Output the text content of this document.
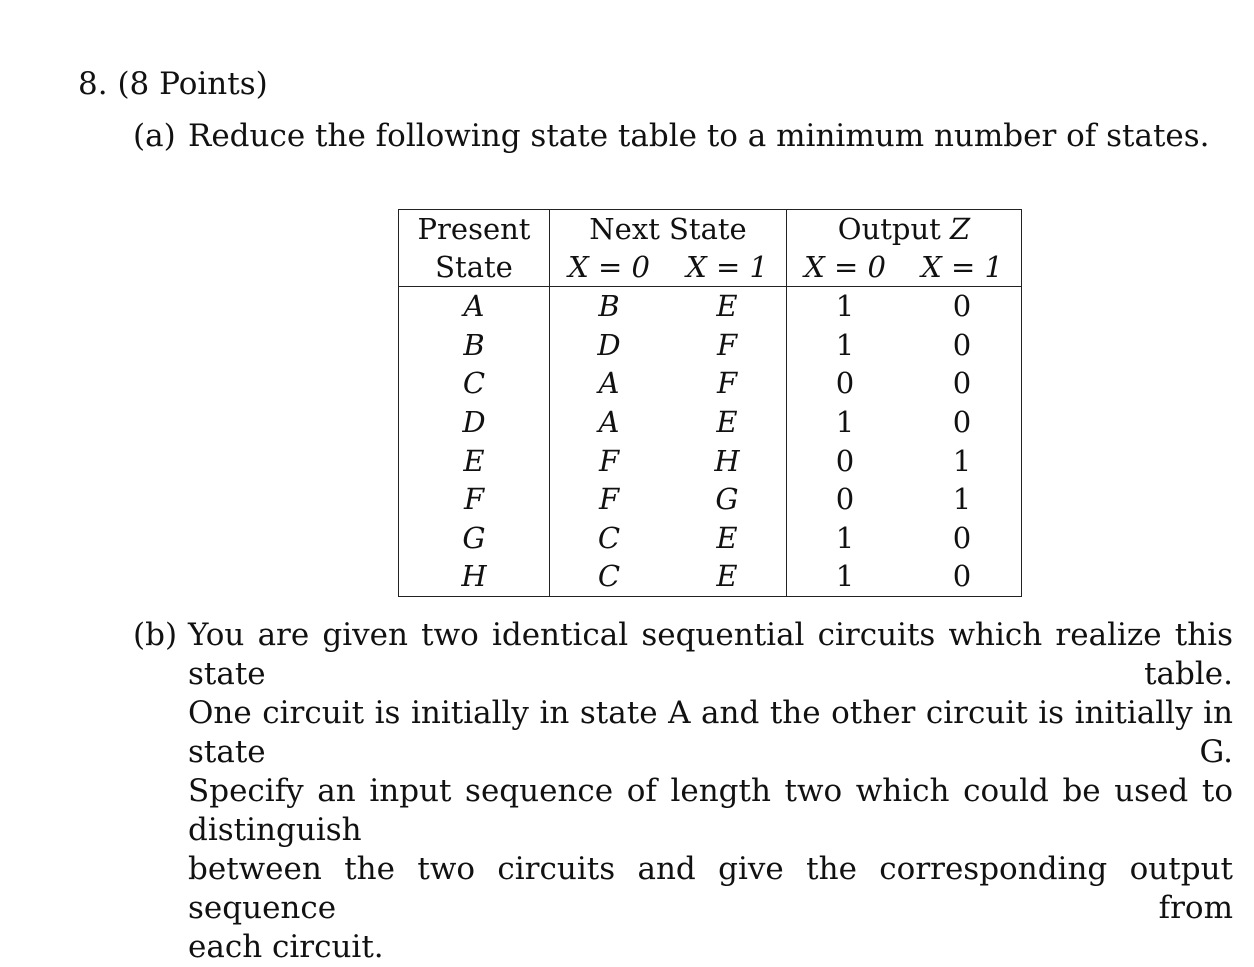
8. (8 Points)
(a) Reduce the following state table to a minimum number of states.
Present	Next State		Output Z	
State	X = 0	X = 1	X = 0	X = 1
A	B	E	1	0
B	D	F	1	0
C	A	F	0	0
D	A	E	1	0
E	F	H	0	1
F	F	G	0	1
G	C	E	1	0
H	C	E	1	0
(b) You are given two identical sequential circuits which realize this state table.
One circuit is initially in state A and the other circuit is initially in state G.
Specify an input sequence of length two which could be used to distinguish
between the two circuits and give the corresponding output sequence from
each circuit.
